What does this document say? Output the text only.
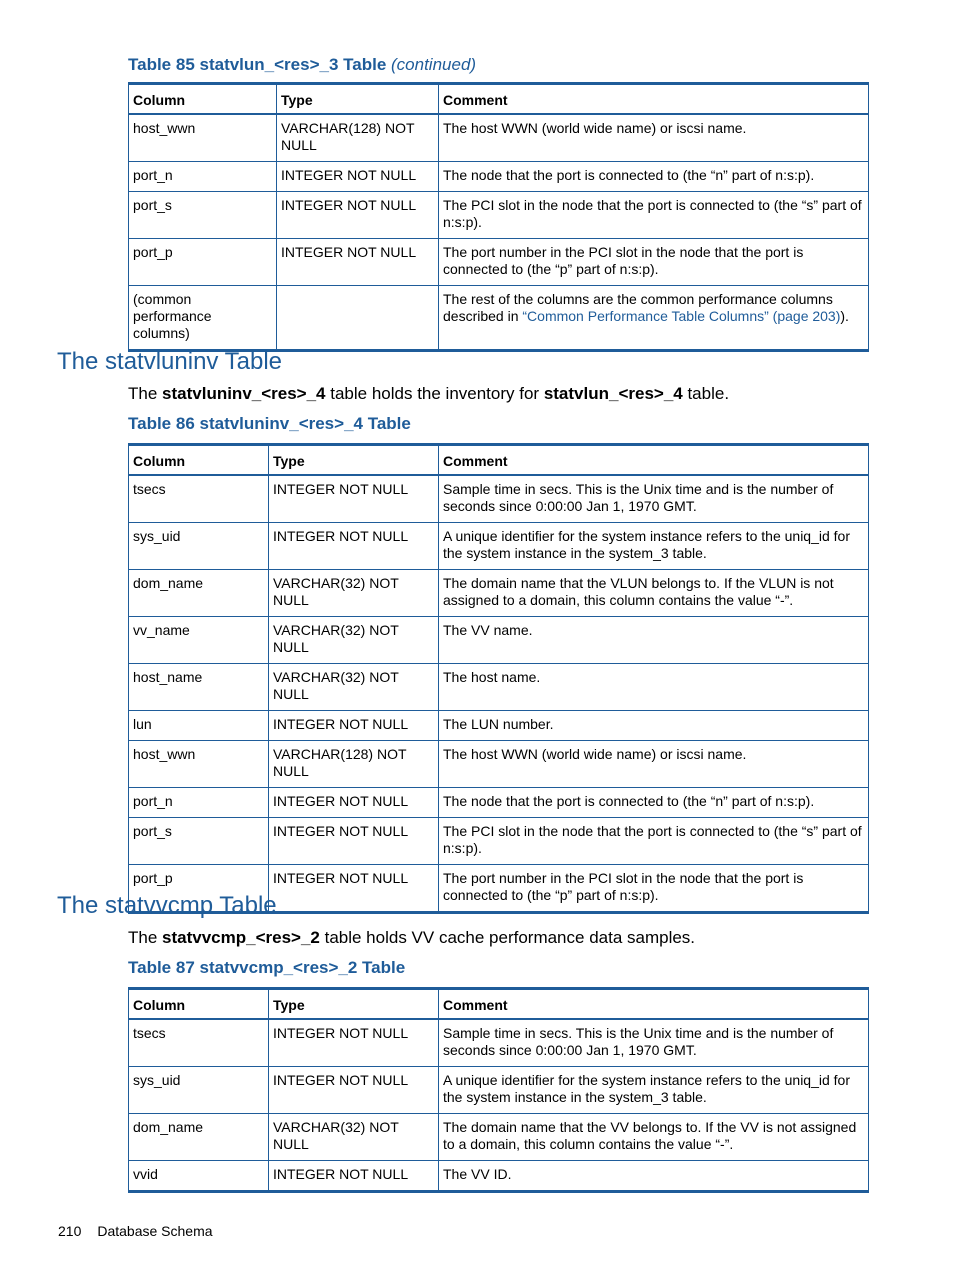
Table 85 statvlun_<res>_3 Table (continued)
Column	Type	Comment
host_wwn	VARCHAR(128) NOT NULL	The host WWN (world wide name) or iscsi name.
port_n	INTEGER NOT NULL	The node that the port is connected to (the “n” part of n:s:p).
port_s	INTEGER NOT NULL	The PCI slot in the node that the port is connected to (the “s” part of n:s:p).
port_p	INTEGER NOT NULL	The port number in the PCI slot in the node that the port is connected to (the “p” part of n:s:p).
(common performance columns)		The rest of the columns are the common performance columns described in “Common Performance Table Columns” (page 203)).
The statvluninv Table
The statvluninv_<res>_4 table holds the inventory for statvlun_<res>_4 table.
Table 86 statvluninv_<res>_4 Table
Column	Type	Comment
tsecs	INTEGER NOT NULL	Sample time in secs. This is the Unix time and is the number of seconds since 0:00:00 Jan 1, 1970 GMT.
sys_uid	INTEGER NOT NULL	A unique identifier for the system instance refers to the uniq_id for the system instance in the system_3 table.
dom_name	VARCHAR(32) NOT NULL	The domain name that the VLUN belongs to. If the VLUN is not assigned to a domain, this column contains the value “-”.
vv_name	VARCHAR(32) NOT NULL	The VV name.
host_name	VARCHAR(32) NOT NULL	The host name.
lun	INTEGER NOT NULL	The LUN number.
host_wwn	VARCHAR(128) NOT NULL	The host WWN (world wide name) or iscsi name.
port_n	INTEGER NOT NULL	The node that the port is connected to (the “n” part of n:s:p).
port_s	INTEGER NOT NULL	The PCI slot in the node that the port is connected to (the “s” part of n:s:p).
port_p	INTEGER NOT NULL	The port number in the PCI slot in the node that the port is connected to (the “p” part of n:s:p).
The statvvcmp Table
The statvvcmp_<res>_2 table holds VV cache performance data samples.
Table 87 statvvcmp_<res>_2 Table
Column	Type	Comment
tsecs	INTEGER NOT NULL	Sample time in secs. This is the Unix time and is the number of seconds since 0:00:00 Jan 1, 1970 GMT.
sys_uid	INTEGER NOT NULL	A unique identifier for the system instance refers to the uniq_id for the system instance in the system_3 table.
dom_name	VARCHAR(32) NOT NULL	The domain name that the VV belongs to. If the VV is not assigned to a domain, this column contains the value “-”.
vvid	INTEGER NOT NULL	The VV ID.
210 Database Schema
